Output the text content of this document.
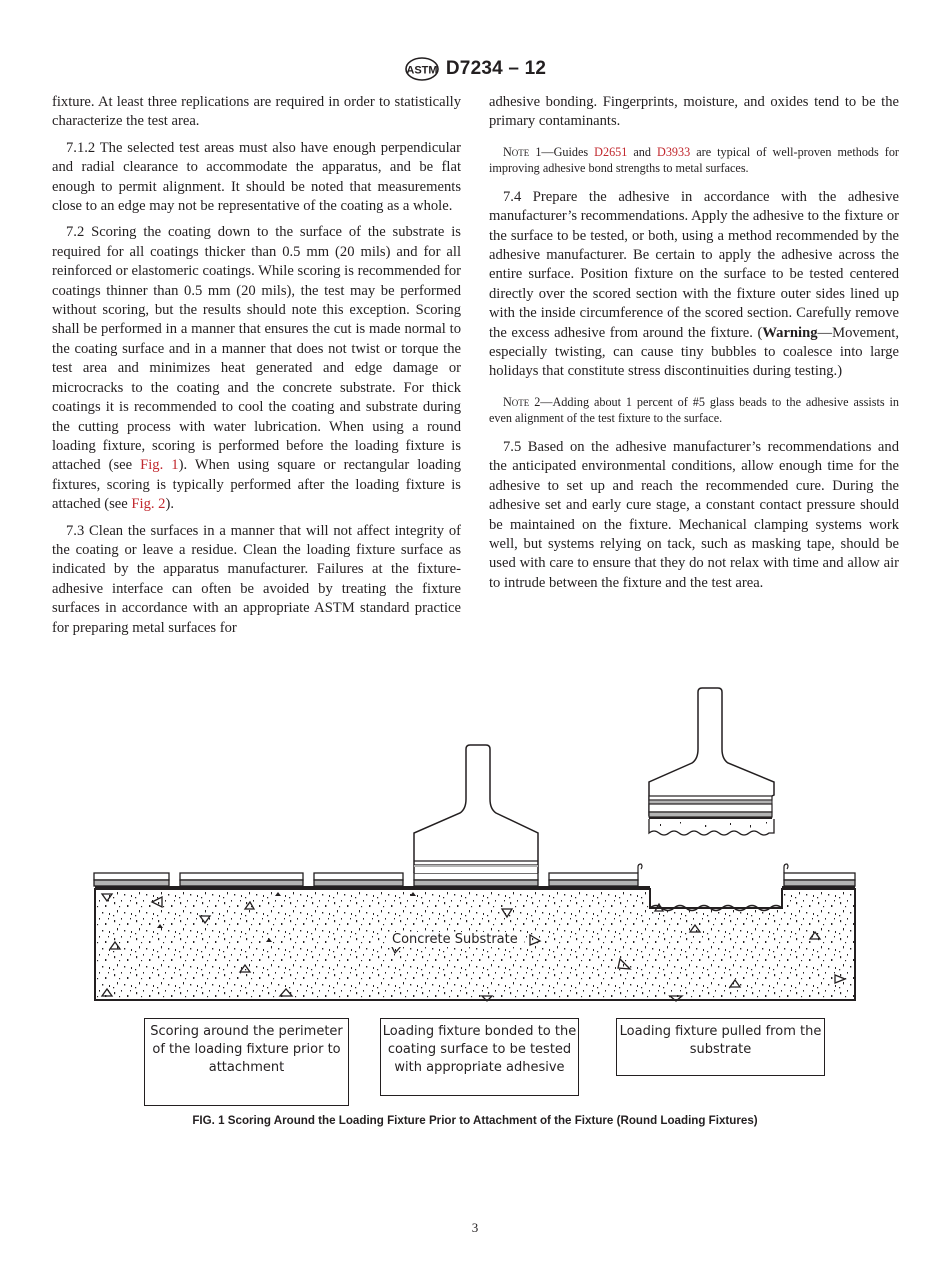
ASTM D7234 – 12

fixture. At least three replications are required in order to statistically characterize the test area.

7.1.2 The selected test areas must also have enough perpendicular and radial clearance to accommodate the apparatus, and be flat enough to permit alignment. It should be noted that measurements close to an edge may not be representative of the coating as a whole.

7.2 Scoring the coating down to the surface of the substrate is required for all coatings thicker than 0.5 mm (20 mils) and for all reinforced or elastomeric coatings. While scoring is recommended for coatings thinner than 0.5 mm (20 mils), the test may be performed without scoring, but the results should note this exception. Scoring shall be performed in a manner that ensures the cut is made normal to the coating surface and in a manner that does not twist or torque the test area and minimizes heat generated and edge damage or microcracks to the coating and the concrete substrate. For thick coatings it is recommended to cool the coating and substrate during the cutting process with water lubrication. When using a round loading fixture, scoring is performed before the loading fixture is attached (see Fig. 1). When using square or rectangular loading fixtures, scoring is typically performed after the loading fixture is attached (see Fig. 2).

7.3 Clean the surfaces in a manner that will not affect integrity of the coating or leave a residue. Clean the loading fixture surface as indicated by the apparatus manufacturer. Failures at the fixture-adhesive interface can often be avoided by treating the fixture surfaces in accordance with an appropriate ASTM standard practice for preparing metal surfaces for

adhesive bonding. Fingerprints, moisture, and oxides tend to be the primary contaminants.

Note 1—Guides D2651 and D3933 are typical of well-proven methods for improving adhesive bond strengths to metal surfaces.

7.4 Prepare the adhesive in accordance with the adhesive manufacturer’s recommendations. Apply the adhesive to the fixture or the surface to be tested, or both, using a method recommended by the adhesive manufacturer. Be certain to apply the adhesive across the entire surface. Position fixture on the surface to be tested centered directly over the scored section with the fixture outer sides lined up with the inside circumference of the scored section. Carefully remove the excess adhesive from around the fixture. (Warning—Movement, especially twisting, can cause tiny bubbles to coalesce into large holidays that constitute stress discontinuities during testing.)

Note 2—Adding about 1 percent of #5 glass beads to the adhesive assists in even alignment of the test fixture to the surface.

7.5 Based on the adhesive manufacturer’s recommendations and the anticipated environmental conditions, allow enough time for the adhesive to set up and reach the recommended cure. During the adhesive set and early cure stage, a constant contact pressure should be maintained on the fixture. Mechanical clamping systems work well, but systems relying on tack, such as masking tape, should be used with care to ensure that they do not relax with time and allow air to intrude between the fixture and the test area.

Concrete Substrate
Scoring around the perimeter of the loading fixture prior to attachment
Loading fixture bonded to the coating surface to be tested with appropriate adhesive
Loading fixture pulled from the substrate
FIG. 1 Scoring Around the Loading Fixture Prior to Attachment of the Fixture (Round Loading Fixtures)
3
